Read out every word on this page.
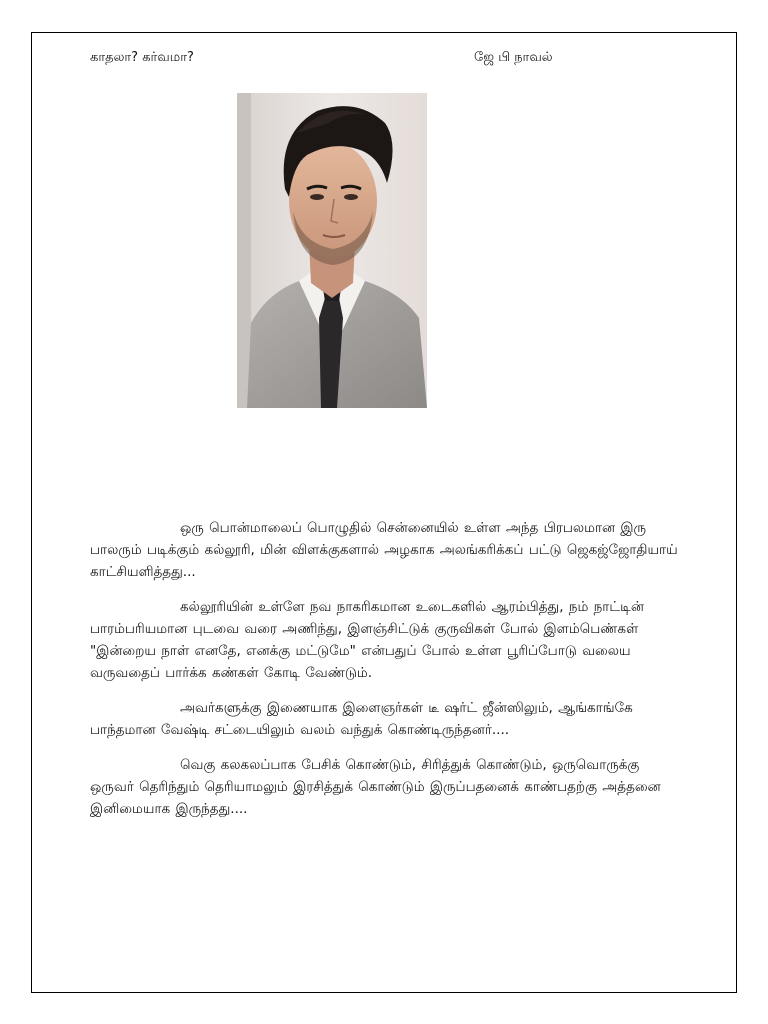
காதலா? கர்வமா?	ஜே பி நாவல்

ஒரு பொன்மாலைப் பொழுதில் சென்னையில் உள்ள அந்த பிரபலமான இரு பாலரும் படிக்கும் கல்லூரி, மின் விளக்குகளால் அழகாக அலங்கரிக்கப் பட்டு ஜெகஜ்ஜோதியாய் காட்சியளித்தது...

கல்லூரியின் உள்ளே நவ நாகரிகமான உடைகளில் ஆரம்பித்து, நம் நாட்டின் பாரம்பரியமான புடவை வரை அணிந்து, இளஞ்சிட்டுக் குருவிகள் போல் இளம்பெண்கள் "இன்றைய நாள் எனதே, எனக்கு மட்டுமே" என்பதுப் போல் உள்ள பூரிப்போடு வலைய வருவதைப் பார்க்க கண்கள் கோடி வேண்டும்.

அவர்களுக்கு இணையாக இளைஞர்கள் டீ ஷர்ட் ஜீன்ஸிலும், ஆங்காங்கே பாந்தமான வேஷ்டி சட்டையிலும் வலம் வந்துக் கொண்டிருந்தனர்....

வெகு கலகலப்பாக பேசிக் கொண்டும், சிரித்துக் கொண்டும், ஒருவொருக்கு ஒருவர் தெரிந்தும் தெரியாமலும் இரசித்துக் கொண்டும் இருப்பதனைக் காண்பதற்கு அத்தனை இனிமையாக இருந்தது....
